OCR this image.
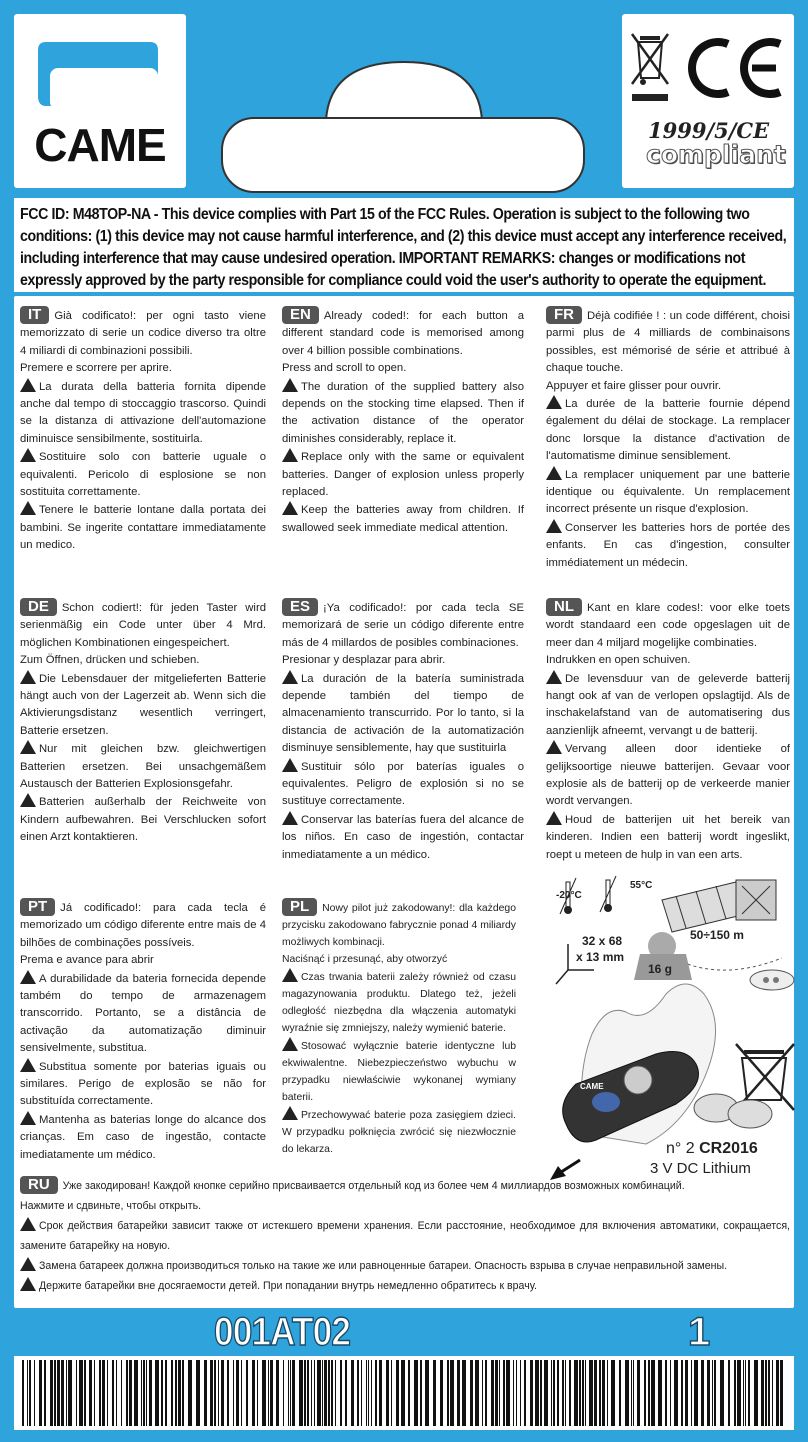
CAME	1999/5/CE
compliant
FCC ID: M48TOP-NA - This device complies with Part 15 of the FCC Rules. Operation is subject to the following two conditions: (1) this device may not cause harmful interference, and (2) this device must accept any interference received, including interference that may cause undesired operation. IMPORTANT REMARKS: changes or modifications not expressly approved by the party responsible for compliance could void the user's authority to operate the equipment.

IT Già codificato!: per ogni tasto viene memorizzato di serie un codice diverso tra oltre 4 miliardi di combinazioni possibili.

Premere e scorrere per aprire.

La durata della batteria fornita dipende anche dal tempo di stoccaggio trascorso. Quindi se la distanza di attivazione dell'automazione diminuisce sensibilmente, sostituirla.

Sostituire solo con batterie uguale o equivalenti. Pericolo di esplosione se non sostituita correttamente.

Tenere le batterie lontane dalla portata dei bambini. Se ingerite contattare immediatamente un medico.

EN Already coded!: for each button a different standard code is memorised among over 4 billion possible combinations.

Press and scroll to open.

The duration of the supplied battery also depends on the stocking time elapsed. Then if the activation distance of the operator diminishes considerably, replace it.

Replace only with the same or equivalent batteries. Danger of explosion unless properly replaced.

Keep the batteries away from children. If swallowed seek immediate medical attention.

FR Déjà codifiée ! : un code différent, choisi parmi plus de 4 milliards de combinaisons possibles, est mémorisé de série et attribué à chaque touche.

Appuyer et faire glisser pour ouvrir.

La durée de la batterie fournie dépend également du délai de stockage. La remplacer donc lorsque la distance d'activation de l'automatisme diminue sensiblement.

La remplacer uniquement par une batterie identique ou équivalente. Un remplacement incorrect présente un risque d'explosion.

Conserver les batteries hors de portée des enfants. En cas d'ingestion, consulter immédiatement un médecin.

DE Schon codiert!: für jeden Taster wird serienmäßig ein Code unter über 4 Mrd. möglichen Kombinationen eingespeichert.

Zum Öffnen, drücken und schieben.

Die Lebensdauer der mitgelieferten Batterie hängt auch von der Lagerzeit ab. Wenn sich die Aktivierungsdistanz wesentlich verringert, Batterie ersetzen.

Nur mit gleichen bzw. gleichwertigen Batterien ersetzen. Bei unsachgemäßem Austausch der Batterien Explosionsgefahr.

Batterien außerhalb der Reichweite von Kindern aufbewahren. Bei Verschlucken sofort einen Arzt kontaktieren.

ES ¡Ya codificado!: por cada tecla SE memorizará de serie un código diferente entre más de 4 millardos de posibles combinaciones.

Presionar y desplazar para abrir.

La duración de la batería suministrada depende también del tiempo de almacenamiento transcurrido. Por lo tanto, si la distancia de activación de la automatización disminuye sensiblemente, hay que sustituirla

Sustituir sólo por baterías iguales o equivalentes. Peligro de explosión si no se sustituye correctamente.

Conservar las baterías fuera del alcance de los niños. En caso de ingestión, contactar inmediatamente a un médico.

NL Kant en klare codes!: voor elke toets wordt standaard een code opgeslagen uit de meer dan 4 miljard mogelijke combinaties.

Indrukken en open schuiven.

De levensduur van de geleverde batterij hangt ook af van de verlopen opslagtijd. Als de inschakelafstand van de automatisering dus aanzienlijk afneemt, vervangt u de batterij.

Vervang alleen door identieke of gelijksoortige nieuwe batterijen. Gevaar voor explosie als de batterij op de verkeerde manier wordt vervangen.

Houd de batterijen uit het bereik van kinderen. Indien een batterij wordt ingeslikt, roept u meteen de hulp in van een arts.

PT Já codificado!: para cada tecla é memorizado um código diferente entre mais de 4 bilhões de combinações possíveis.

Prema e avance para abrir

A durabilidade da bateria fornecida depende também do tempo de armazenagem transcorrido. Portanto, se a distância de activação da automatização diminuir sensivelmente, substitua.

Substitua somente por baterias iguais ou similares. Perigo de explosão se não for substituída correctamente.

Mantenha as baterias longe do alcance dos crianças. Em caso de ingestão, contacte imediatamente um médico.

PL Nowy pilot już zakodowany!: dla każdego przycisku zakodowano fabrycznie ponad 4 miliardy możliwych kombinacji.

Naciśnąć i przesunąć, aby otworzyć

Czas trwania baterii zależy również od czasu magazynowania produktu. Dlatego też, jeżeli odległość niezbędna dla włączenia automatyki wyraźnie się zmniejszy, należy wymienić baterie.

Stosować wyłącznie baterie identyczne lub ekwiwalentne. Niebezpieczeństwo wybuchu w przypadku niewłaściwie wykonanej wymiany baterii.

Przechowywać baterie poza zasięgiem dzieci. W przypadku połknięcia zwrócić się niezwłocznie do lekarza.

-20°C
55°C
50÷150 m
32 x 68
x 13 mm
16 g
CAME
n° 2 CR2016
3 V DC Lithium

RU Уже закодирован! Каждой кнопке серийно присваивается отдельный код из более чем 4 миллиардов возможных комбинаций.

Нажмите и сдвиньте, чтобы открыть.

Срок действия батарейки зависит также от истекшего времени хранения. Если расстояние, необходимое для включения автоматики, сокращается, замените батарейку на новую.

Замена батареек должна производиться только на такие же или равноценные батареи. Опасность взрыва в случае неправильной замены.

Держите батарейки вне досягаемости детей. При попадании внутрь немедленно обратитесь к врачу.

001AT02	1
